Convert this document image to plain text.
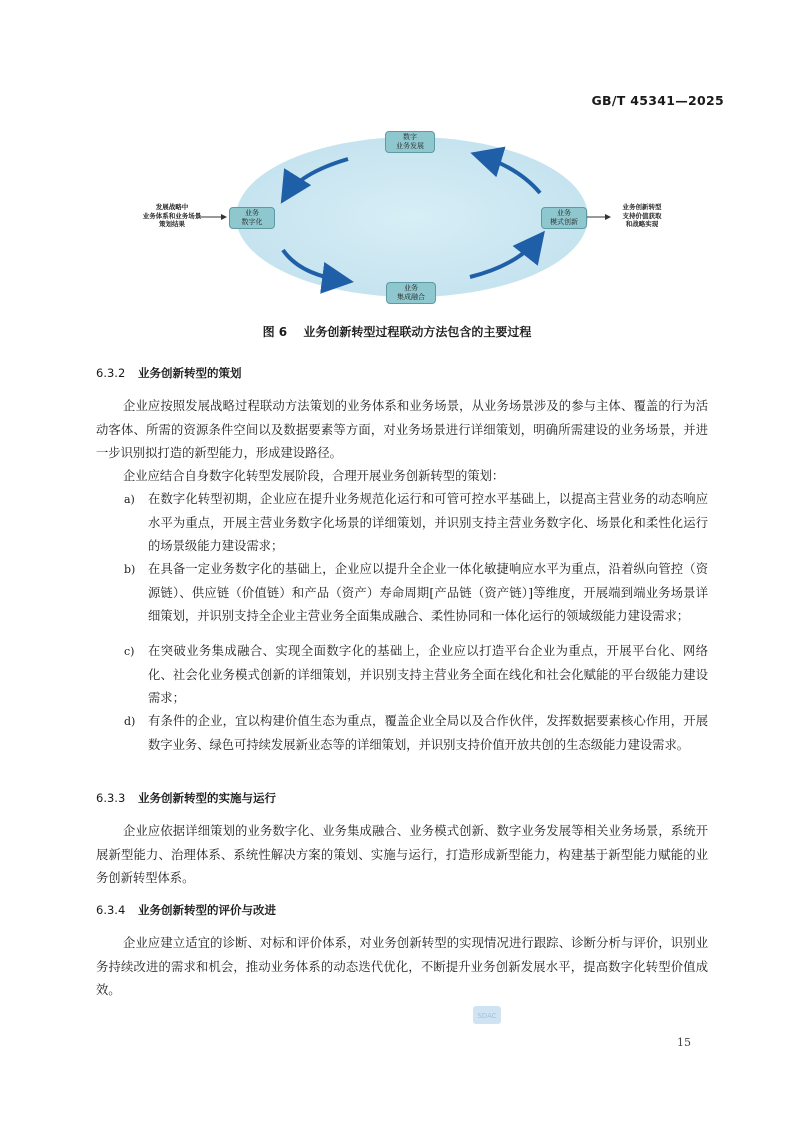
GB/T 45341—2025
数字
业务发展
业务
数字化
业务
模式创新
业务
集成融合
发展战略中
业务体系和业务场景
策划结果
业务创新转型
支持价值获取
和战略实现
图 6 业务创新转型过程联动方法包含的主要过程
6.3.2 业务创新转型的策划

企业应按照发展战略过程联动方法策划的业务体系和业务场景，从业务场景涉及的参与主体、覆盖的行为活动客体、所需的资源条件空间以及数据要素等方面，对业务场景进行详细策划，明确所需建设的业务场景，并进一步识别拟打造的新型能力，形成建设路径。

企业应结合自身数字化转型发展阶段，合理开展业务创新转型的策划：

a) 在数字化转型初期，企业应在提升业务规范化运行和可管可控水平基础上，以提高主营业务的动态响应水平为重点，开展主营业务数字化场景的详细策划，并识别支持主营业务数字化、场景化和柔性化运行的场景级能力建设需求；
b) 在具备一定业务数字化的基础上，企业应以提升全企业一体化敏捷响应水平为重点，沿着纵向管控（资源链）、供应链（价值链）和产品（资产）寿命周期[产品链（资产链）]等维度，开展端到端业务场景详细策划，并识别支持全企业主营业务全面集成融合、柔性协同和一体化运行的领域级能力建设需求；
c) 在突破业务集成融合、实现全面数字化的基础上，企业应以打造平台企业为重点，开展平台化、网络化、社会化业务模式创新的详细策划，并识别支持主营业务全面在线化和社会化赋能的平台级能力建设需求；
d) 有条件的企业，宜以构建价值生态为重点，覆盖企业全局以及合作伙伴，发挥数据要素核心作用，开展数字业务、绿色可持续发展新业态等的详细策划，并识别支持价值开放共创的生态级能力建设需求。
6.3.3 业务创新转型的实施与运行

企业应依据详细策划的业务数字化、业务集成融合、业务模式创新、数字业务发展等相关业务场景，系统开展新型能力、治理体系、系统性解决方案的策划、实施与运行，打造形成新型能力，构建基于新型能力赋能的业务创新转型体系。

6.3.4 业务创新转型的评价与改进

企业应建立适宜的诊断、对标和评价体系，对业务创新转型的实现情况进行跟踪、诊断分析与评价，识别业务持续改进的需求和机会，推动业务体系的动态迭代优化，不断提升业务创新发展水平，提高数字化转型价值成效。

SDAC
15
